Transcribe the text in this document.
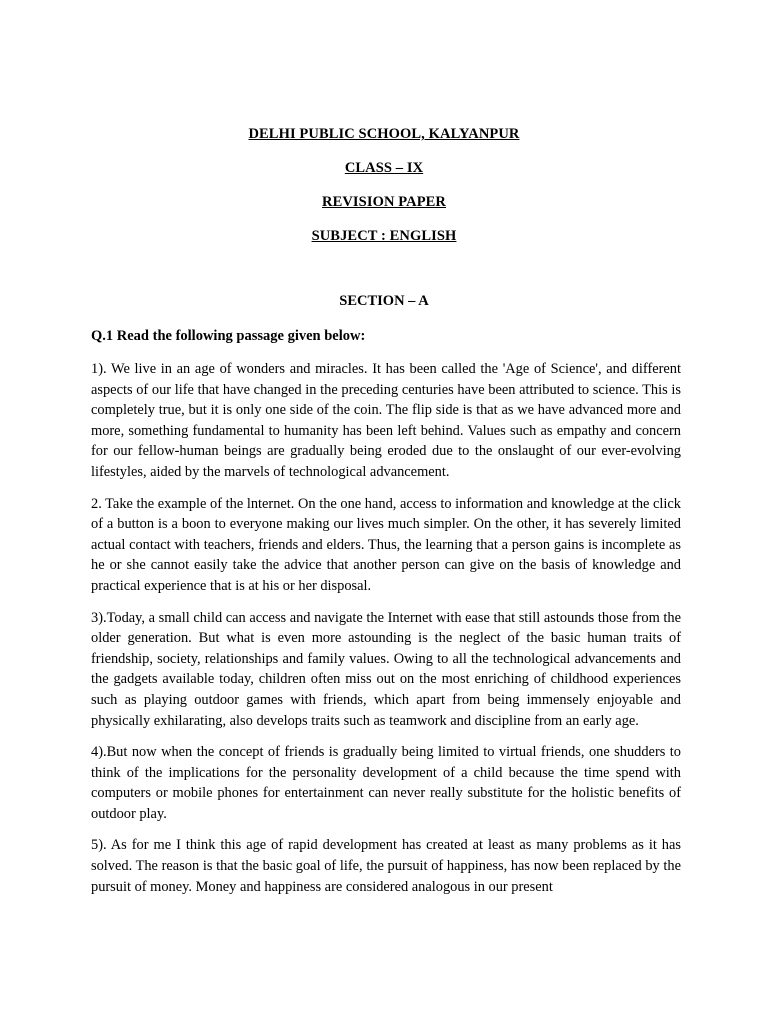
DELHI PUBLIC SCHOOL, KALYANPUR
CLASS – IX
REVISION PAPER
SUBJECT : ENGLISH
SECTION – A
Q.1 Read the following passage given below:

1). We live in an age of wonders and miracles. It has been called the 'Age of Science', and different aspects of our life that have changed in the preceding centuries have been attributed to science. This is completely true, but it is only one side of the coin. The flip side is that as we have advanced more and more, something fundamental to humanity has been left behind. Values such as empathy and concern for our fellow-human beings are gradually being eroded due to the onslaught of our ever-evolving lifestyles, aided by the marvels of technological advancement.

2. Take the example of the lnternet. On the one hand, access to information and knowledge at the click of a button is a boon to everyone making our lives much simpler. On the other, it has severely limited actual contact with teachers, friends and elders. Thus, the learning that a person gains is incomplete as he or she cannot easily take the advice that another person can give on the basis of knowledge and practical experience that is at his or her disposal.

3).Today, a small child can access and navigate the Internet with ease that still astounds those from the older generation. But what is even more astounding is the neglect of the basic human traits of friendship, society, relationships and family values. Owing to all the technological advancements and the gadgets available today, children often miss out on the most enriching of childhood experiences such as playing outdoor games with friends, which apart from being immensely enjoyable and physically exhilarating, also develops traits such as teamwork and discipline from an early age.

4).But now when the concept of friends is gradually being limited to virtual friends, one shudders to think of the implications for the personality development of a child because the time spend with computers or mobile phones for entertainment can never really substitute for the holistic benefits of outdoor play.

5). As for me I think this age of rapid development has created at least as many problems as it has solved. The reason is that the basic goal of life, the pursuit of happiness, has now been replaced by the pursuit of money. Money and happiness are considered analogous in our present
